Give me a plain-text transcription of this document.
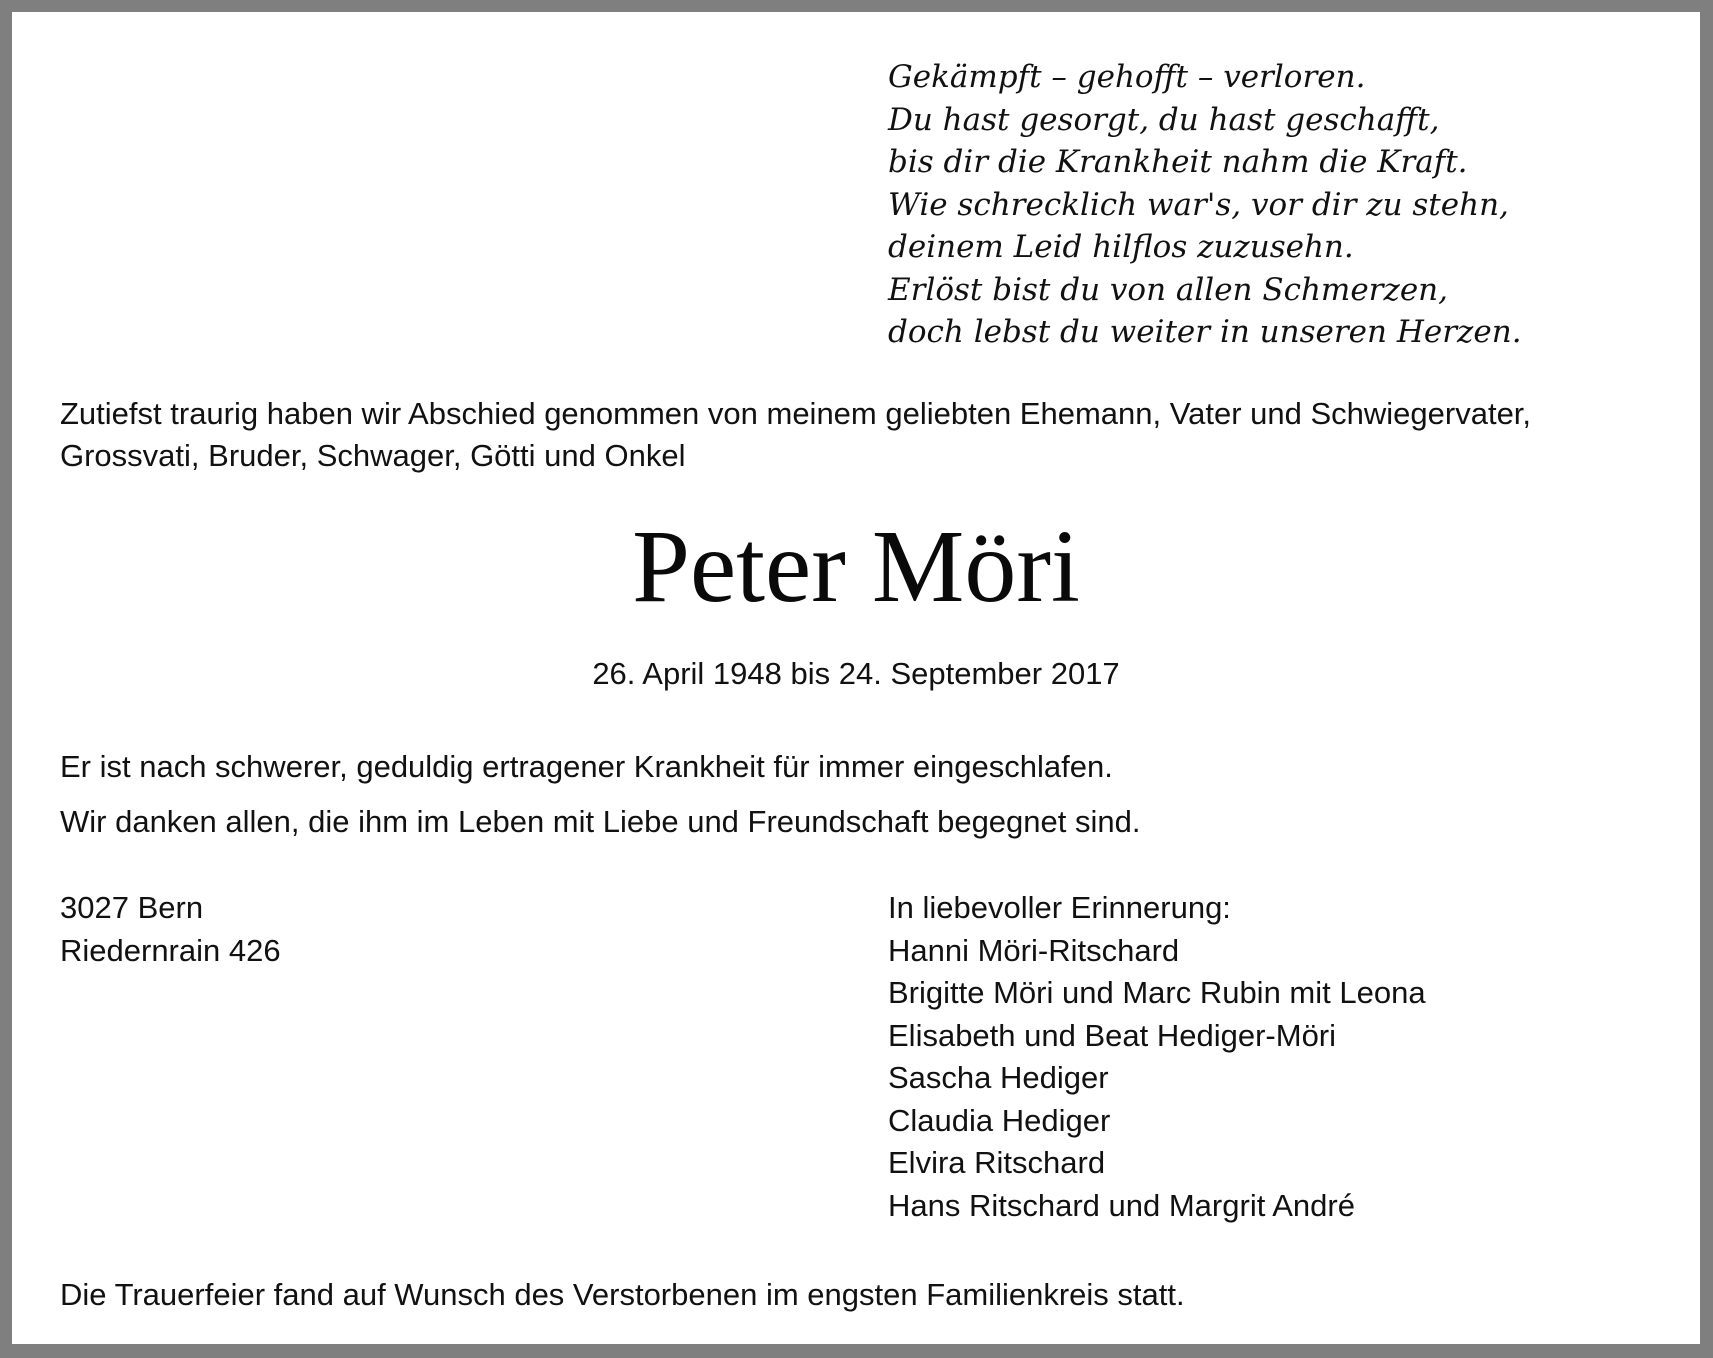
Gekämpft – gehofft – verloren.
Du hast gesorgt, du hast geschafft,
bis dir die Krankheit nahm die Kraft.
Wie schrecklich war's, vor dir zu stehn,
deinem Leid hilflos zuzusehn.
Erlöst bist du von allen Schmerzen,
doch lebst du weiter in unseren Herzen.
Zutiefst traurig haben wir Abschied genommen von meinem geliebten Ehemann, Vater und Schwiegervater,
Grossvati, Bruder, Schwager, Götti und Onkel
Peter Möri
26. April 1948 bis 24. September 2017
Er ist nach schwerer, geduldig ertragener Krankheit für immer eingeschlafen.
Wir danken allen, die ihm im Leben mit Liebe und Freundschaft begegnet sind.
3027 Bern
Riedernrain 426
In liebevoller Erinnerung:
Hanni Möri-Ritschard
Brigitte Möri und Marc Rubin mit Leona
Elisabeth und Beat Hediger-Möri
Sascha Hediger
Claudia Hediger
Elvira Ritschard
Hans Ritschard und Margrit André
Die Trauerfeier fand auf Wunsch des Verstorbenen im engsten Familienkreis statt.
